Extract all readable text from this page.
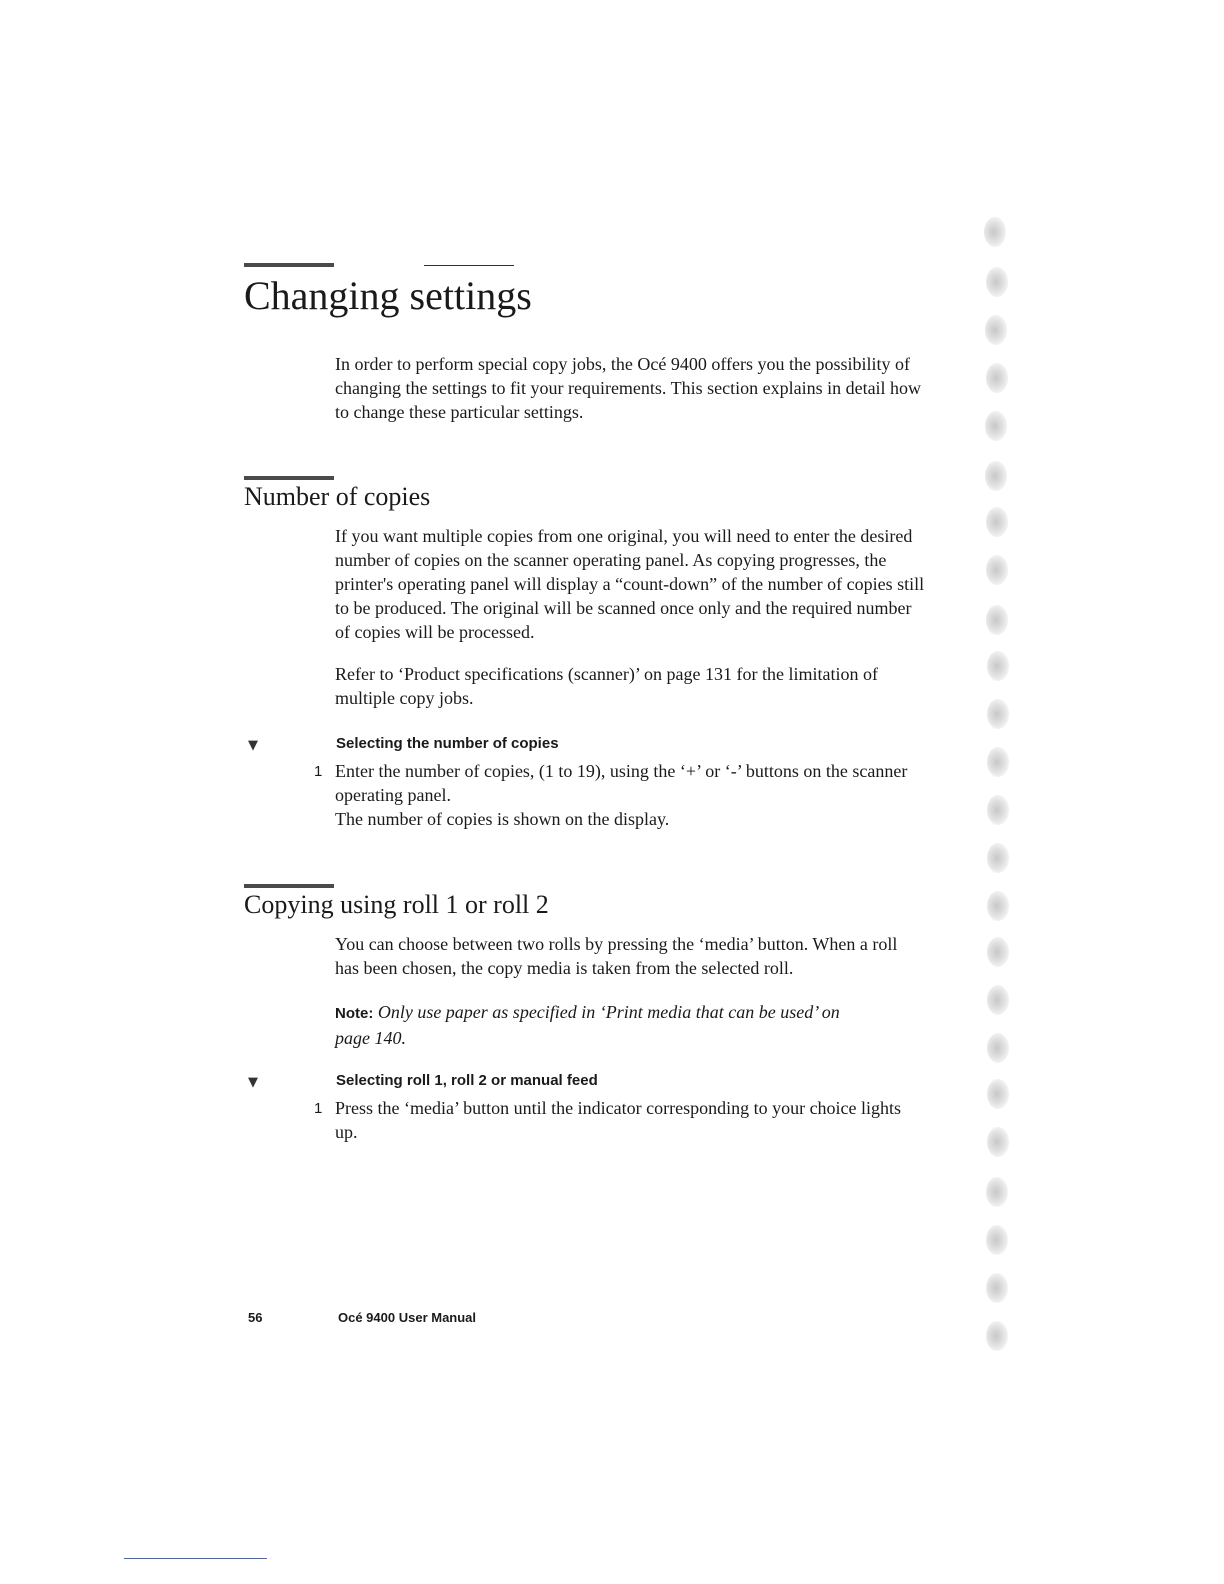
Changing settings

In order to perform special copy jobs, the Océ 9400 offers you the possibility of changing the settings to fit your requirements. This section explains in detail how to change these particular settings.

Number of copies

If you want multiple copies from one original, you will need to enter the desired number of copies on the scanner operating panel. As copying progresses, the printer's operating panel will display a “count-down” of the number of copies still to be produced. The original will be scanned once only and the required number of copies will be processed.

Refer to ‘Product specifications (scanner)’ on page 131 for the limitation of multiple copy jobs.

▼	Selecting the number of copies

1 Enter the number of copies, (1 to 19), using the ‘+’ or ‘-’ buttons on the scanner operating panel.

The number of copies is shown on the display.

Copying using roll 1 or roll 2

You can choose between two rolls by pressing the ‘media’ button. When a roll has been chosen, the copy media is taken from the selected roll.

Note: Only use paper as specified in ‘Print media that can be used’ on page 140.

▼	Selecting roll 1, roll 2 or manual feed

1 Press the ‘media’ button until the indicator corresponding to your choice lights up.

56	Océ 9400 User Manual
